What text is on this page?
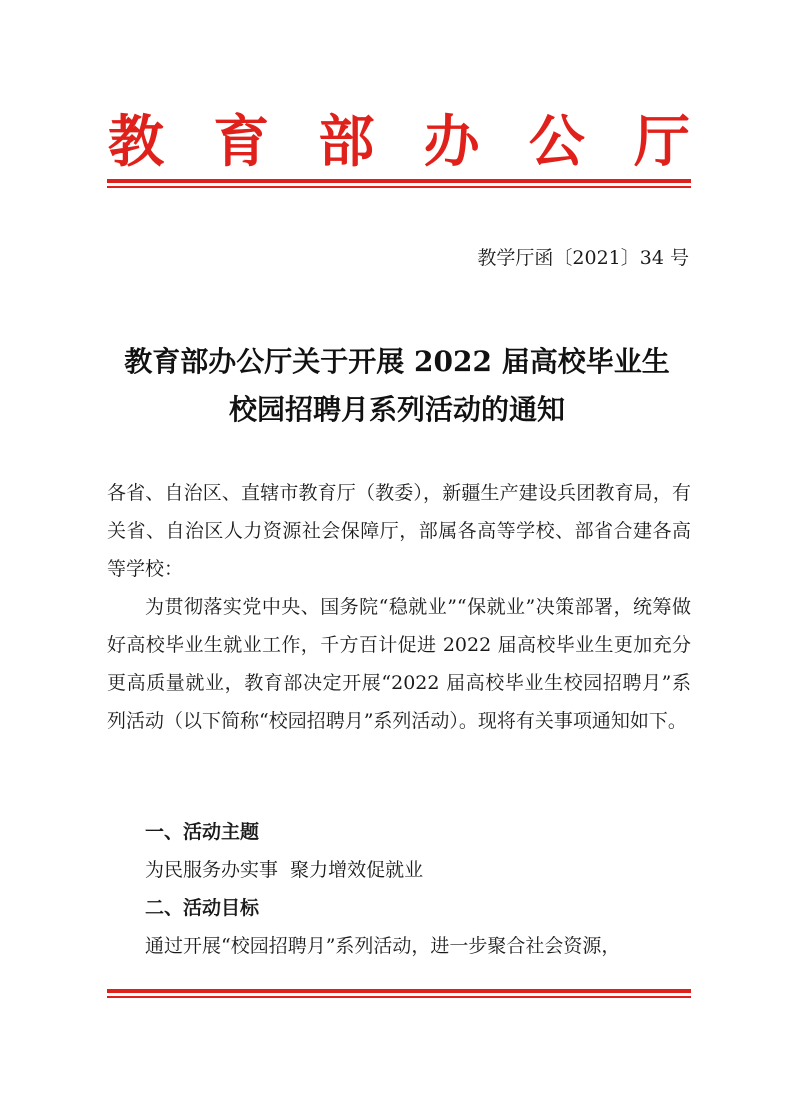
教 育 部 办 公 厅
教学厅函〔2021〕34 号
教育部办公厅关于开展 2022 届高校毕业生
校园招聘月系列活动的通知

各省、自治区、直辖市教育厅（教委），新疆生产建设兵团教育局，有关省、自治区人力资源社会保障厅，部属各高等学校、部省合建各高等学校：

为贯彻落实党中央、国务院“稳就业”“保就业”决策部署，统筹做好高校毕业生就业工作，千方百计促进 2022 届高校毕业生更加充分更高质量就业，教育部决定开展“2022 届高校毕业生校园招聘月”系列活动（以下简称“校园招聘月”系列活动）。现将有关事项通知如下。

一、活动主题

为民服务办实事  聚力增效促就业

二、活动目标

通过开展“校园招聘月”系列活动，进一步聚合社会资源，
